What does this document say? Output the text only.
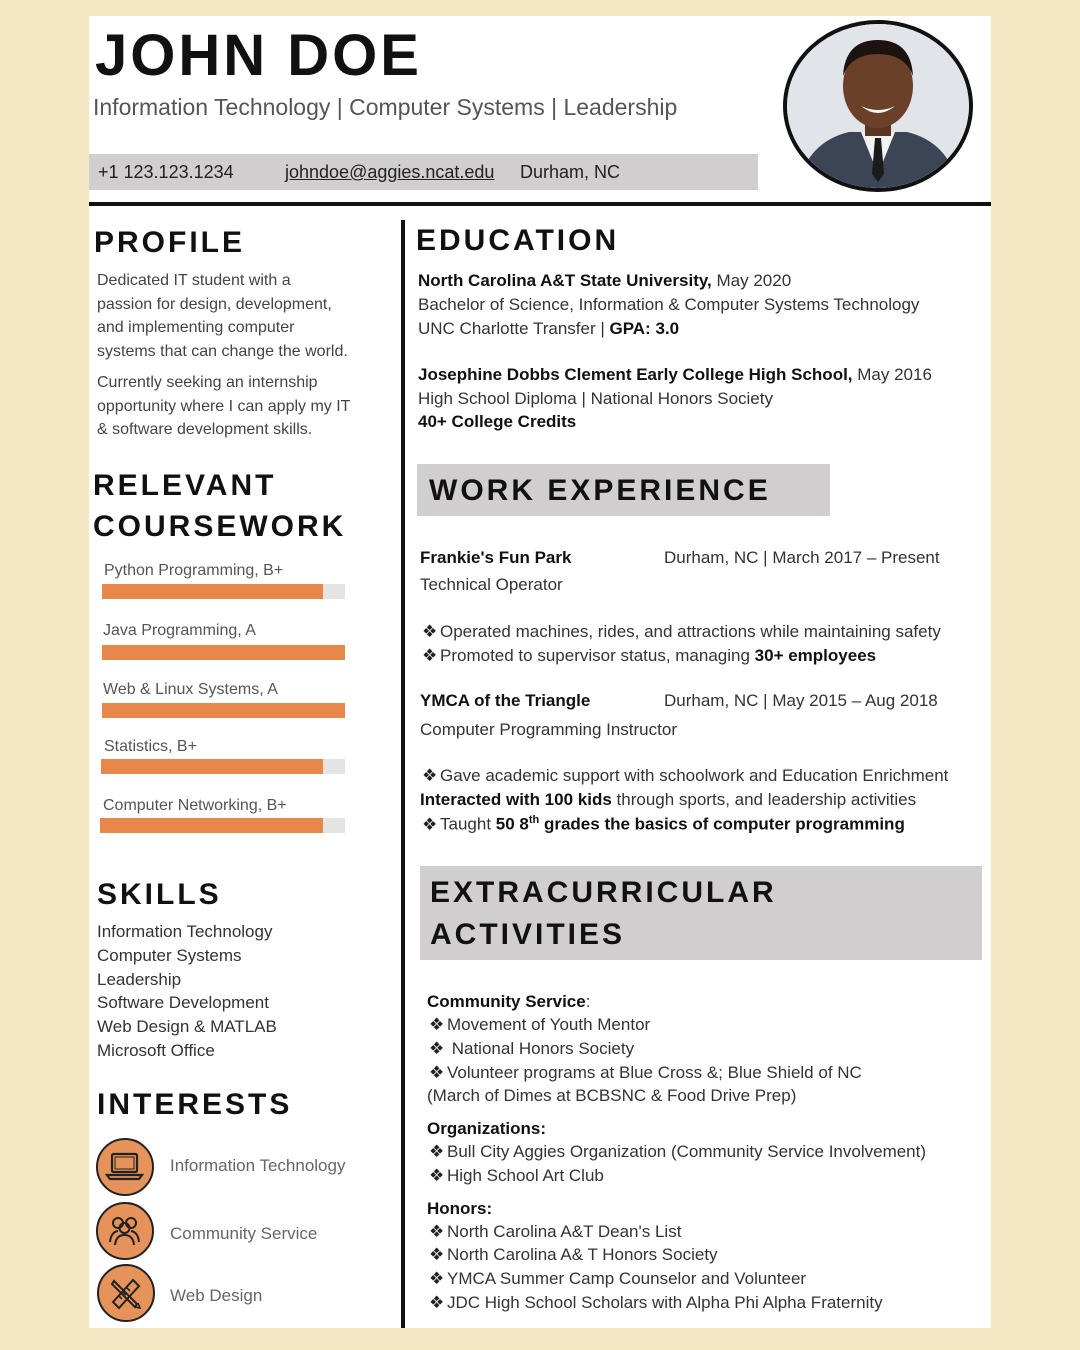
JOHN DOE
Information Technology | Computer Systems | Leadership
+1 123.123.1234	johndoe@aggies.ncat.edu Durham, NC
PROFILE
Dedicated IT student with a
passion for design, development,
and implementing computer
systems that can change the world.
Currently seeking an internship
opportunity where I can apply my IT
& software development skills.
RELEVANT
COURSEWORK
Python Programming, B+
Java Programming, A
Web & Linux Systems, A
Statistics, B+
Computer Networking, B+
SKILLS
Information Technology
Computer Systems
Leadership
Software Development
Web Design & MATLAB
Microsoft Office
INTERESTS
Information Technology
Community Service
Web Design
EDUCATION
North Carolina A&T State University, May 2020
Bachelor of Science, Information & Computer Systems Technology
UNC Charlotte Transfer | GPA: 3.0
Josephine Dobbs Clement Early College High School, May 2016
High School Diploma | National Honors Society
40+ College Credits
WORK EXPERIENCE
Frankie's Fun Park	Durham, NC | March 2017 – Present
Technical Operator
❖ Operated machines, rides, and attractions while maintaining safety
❖ Promoted to supervisor status, managing 30+ employees
YMCA of the Triangle	Durham, NC | May 2015 – Aug 2018
Computer Programming Instructor
❖ Gave academic support with schoolwork and Education Enrichment
Interacted with 100 kids through sports, and leadership activities
❖ Taught 50 8th grades the basics of computer programming
EXTRACURRICULAR
ACTIVITIES
Community Service:
❖ Movement of Youth Mentor
❖ National Honors Society
❖ Volunteer programs at Blue Cross &; Blue Shield of NC
(March of Dimes at BCBSNC & Food Drive Prep)
Organizations:
❖ Bull City Aggies Organization (Community Service Involvement)
❖ High School Art Club
Honors:
❖ North Carolina A&T Dean's List
❖ North Carolina A& T Honors Society
❖ YMCA Summer Camp Counselor and Volunteer
❖ JDC High School Scholars with Alpha Phi Alpha Fraternity
